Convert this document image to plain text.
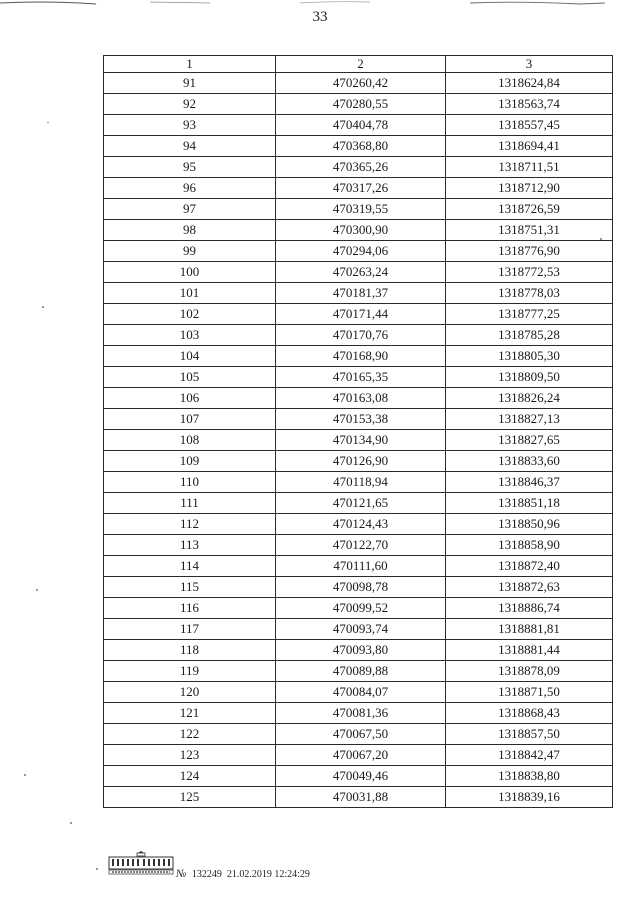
33
1	2	3
91	470260,42	1318624,84
92	470280,55	1318563,74
93	470404,78	1318557,45
94	470368,80	1318694,41
95	470365,26	1318711,51
96	470317,26	1318712,90
97	470319,55	1318726,59
98	470300,90	1318751,31
99	470294,06	1318776,90
100	470263,24	1318772,53
101	470181,37	1318778,03
102	470171,44	1318777,25
103	470170,76	1318785,28
104	470168,90	1318805,30
105	470165,35	1318809,50
106	470163,08	1318826,24
107	470153,38	1318827,13
108	470134,90	1318827,65
109	470126,90	1318833,60
110	470118,94	1318846,37
111	470121,65	1318851,18
112	470124,43	1318850,96
113	470122,70	1318858,90
114	470111,60	1318872,40
115	470098,78	1318872,63
116	470099,52	1318886,74
117	470093,74	1318881,81
118	470093,80	1318881,44
119	470089,88	1318878,09
120	470084,07	1318871,50
121	470081,36	1318868,43
122	470067,50	1318857,50
123	470067,20	1318842,47
124	470049,46	1318838,80
125	470031,88	1318839,16
№ 132249 21.02.2019 12:24:29
